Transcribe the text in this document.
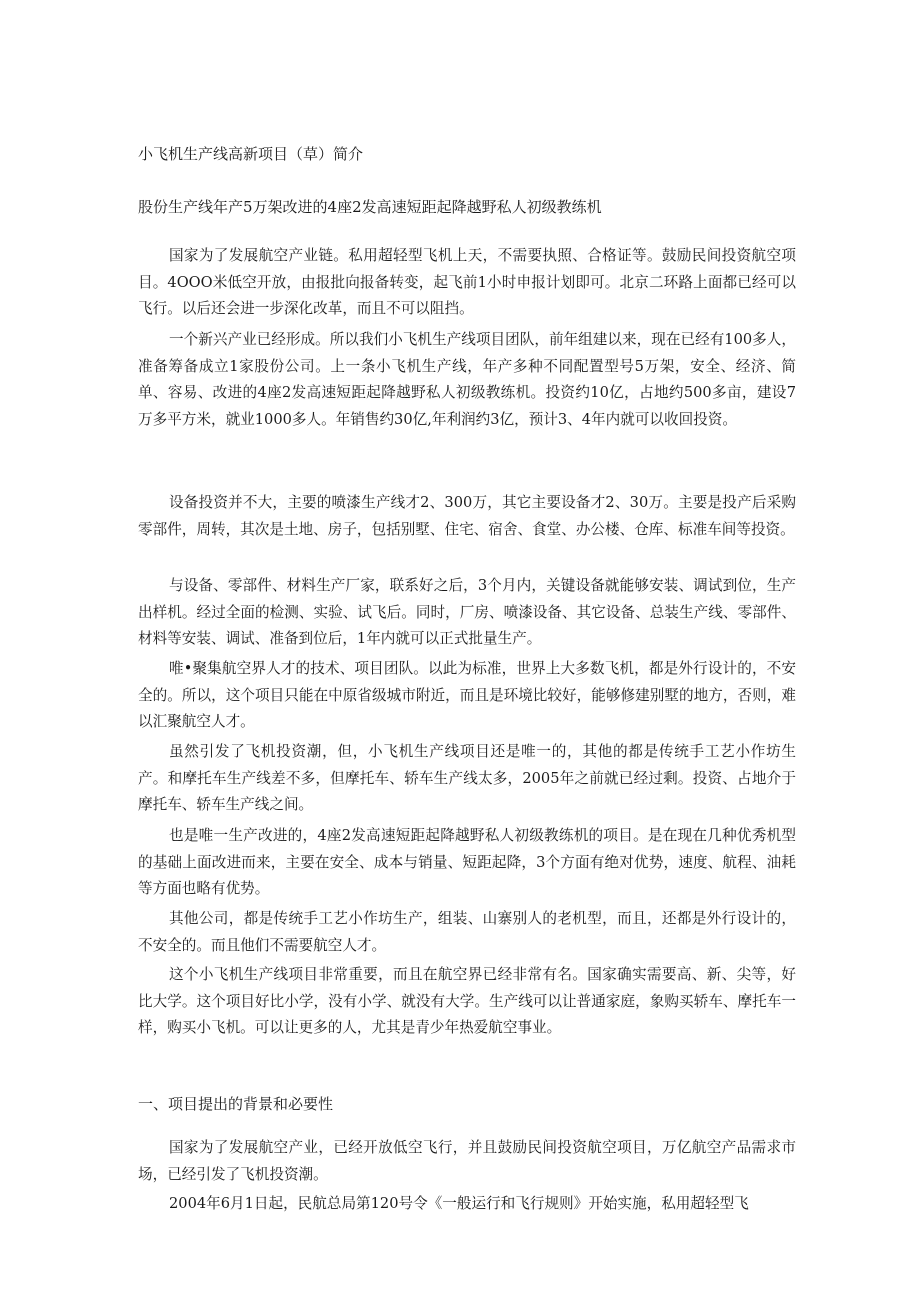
小飞机生产线高新项目（草）简介
股份生产线年产5万架改进的4座2发高速短距起降越野私人初级教练机

国家为了发展航空产业链。私用超轻型飞机上天，不需要执照、合格证等。鼓励民间投资航空项目。4OOO米低空开放，由报批向报备转变，起飞前1小时申报计划即可。北京二环路上面都已经可以飞行。以后还会进一步深化改革，而且不可以阻挡。

一个新兴产业已经形成。所以我们小飞机生产线项目团队，前年组建以来，现在已经有100多人，准备筹备成立1家股份公司。上一条小飞机生产线，年产多种不同配置型号5万架，安全、经济、简单、容易、改进的4座2发高速短距起降越野私人初级教练机。投资约10亿，占地约500多亩，建设7万多平方米，就业1000多人。年销售约30亿,年利润约3亿，预计3、4年内就可以收回投资。

设备投资并不大，主要的喷漆生产线才2、300万，其它主要设备才2、30万。主要是投产后采购零部件，周转，其次是土地、房子，包括别墅、住宅、宿舍、食堂、办公楼、仓库、标准车间等投资。

与设备、零部件、材料生产厂家，联系好之后，3个月内，关键设备就能够安装、调试到位，生产出样机。经过全面的检测、实验、试飞后。同时，厂房、喷漆设备、其它设备、总装生产线、零部件、材料等安装、调试、准备到位后，1年内就可以正式批量生产。

唯•聚集航空界人才的技术、项目团队。以此为标准，世界上大多数飞机，都是外行设计的，不安全的。所以，这个项目只能在中原省级城市附近，而且是环境比较好，能够修建别墅的地方，否则，难以汇聚航空人才。

虽然引发了飞机投资潮，但，小飞机生产线项目还是唯一的，其他的都是传统手工艺小作坊生产。和摩托车生产线差不多，但摩托车、轿车生产线太多，2005年之前就已经过剩。投资、占地介于摩托车、轿车生产线之间。

也是唯一生产改进的，4座2发高速短距起降越野私人初级教练机的项目。是在现在几种优秀机型的基础上面改进而来，主要在安全、成本与销量、短距起降，3个方面有绝对优势，速度、航程、油耗等方面也略有优势。

其他公司，都是传统手工艺小作坊生产，组装、山寨别人的老机型，而且，还都是外行设计的，不安全的。而且他们不需要航空人才。

这个小飞机生产线项目非常重要，而且在航空界已经非常有名。国家确实需要高、新、尖等，好比大学。这个项目好比小学，没有小学、就没有大学。生产线可以让普通家庭，象购买轿车、摩托车一样，购买小飞机。可以让更多的人，尤其是青少年热爱航空事业。

一、项目提出的背景和必要性

国家为了发展航空产业，已经开放低空飞行，并且鼓励民间投资航空项目，万亿航空产品需求市场，已经引发了飞机投资潮。

2004年6月1日起，民航总局第120号令《一般运行和飞行规则》开始实施，私用超轻型飞
